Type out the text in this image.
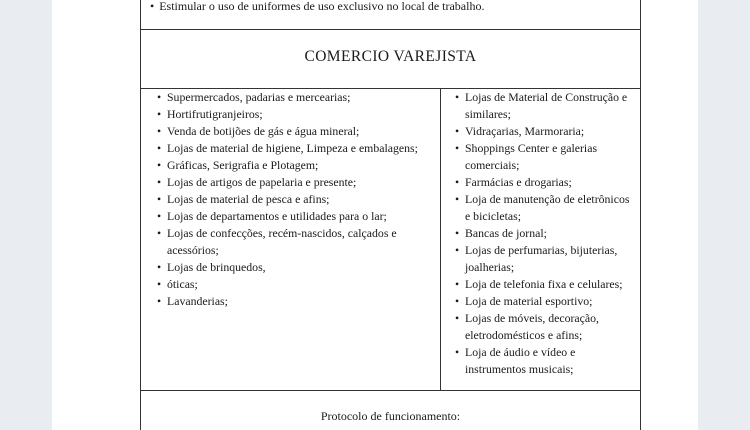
• Estimular o uso de uniformes de uso exclusivo no local de trabalho.
COMERCIO VAREJISTA
• Supermercados, padarias e mercearias;
• Hortifrutigranjeiros;
• Venda de botijões de gás e água mineral;
• Lojas de material de higiene, Limpeza e embalagens;
• Gráficas, Serigrafia e Plotagem;
• Lojas de artigos de papelaria e presente;
• Lojas de material de pesca e afins;
• Lojas de departamentos e utilidades para o lar;
• Lojas de confecções, recém-nascidos, calçados e acessórios;
• Lojas de brinquedos,
• óticas;
• Lavanderias;
• Lojas de Material de Construção e similares;
• Vidraçarias, Marmoraria;
• Shoppings Center e galerias comerciais;
• Farmácias e drogarias;
• Loja de manutenção de eletrônicos e bicicletas;
• Bancas de jornal;
• Lojas de perfumarias, bijuterias, joalherias;
• Loja de telefonia fixa e celulares;
• Loja de material esportivo;
• Lojas de móveis, decoração, eletrodomésticos e afins;
• Loja de áudio e vídeo e instrumentos musicais;
Protocolo de funcionamento:
